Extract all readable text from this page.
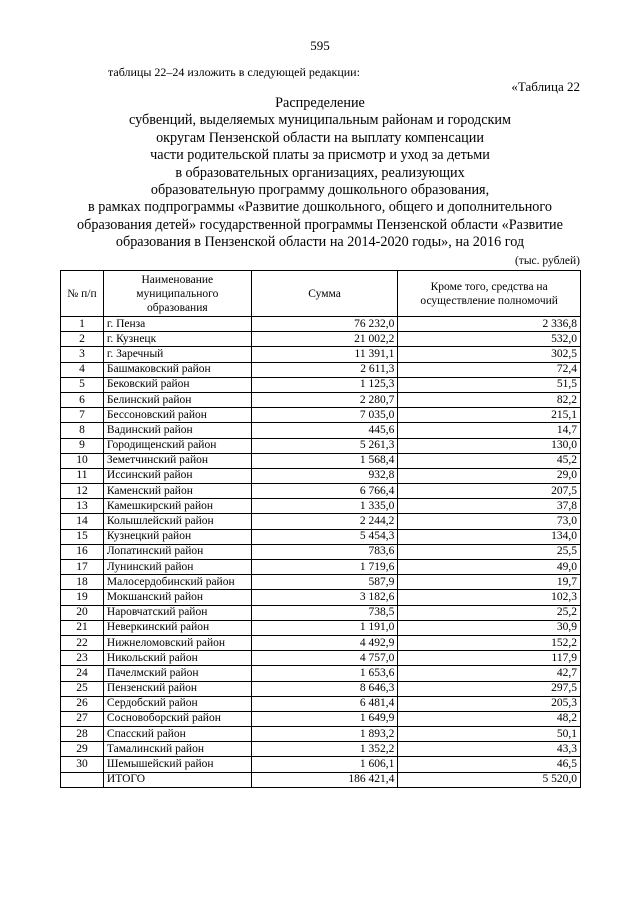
595
таблицы 22–24 изложить в следующей редакции:
«Таблица 22
Распределение
субвенций, выделяемых муниципальным районам и городским
округам Пензенской области на выплату компенсации
части родительской платы за присмотр и уход за детьми
в образовательных организациях, реализующих
образовательную программу дошкольного образования,
в рамках подпрограммы «Развитие дошкольного, общего и дополнительного
образования детей» государственной программы Пензенской области «Развитие
образования в Пензенской области на 2014-2020 годы», на 2016 год
(тыс. рублей)
№ п/п	Наименование муниципального образования	Сумма	Кроме того, средства на осуществление полномочий
1	г. Пенза	76 232,0	2 336,8
2	г. Кузнецк	21 002,2	532,0
3	г. Заречный	11 391,1	302,5
4	Башмаковский район	2 611,3	72,4
5	Бековский район	1 125,3	51,5
6	Белинский район	2 280,7	82,2
7	Бессоновский район	7 035,0	215,1
8	Вадинский район	445,6	14,7
9	Городищенский район	5 261,3	130,0
10	Земетчинский район	1 568,4	45,2
11	Иссинский район	932,8	29,0
12	Каменский район	6 766,4	207,5
13	Камешкирский район	1 335,0	37,8
14	Колышлейский район	2 244,2	73,0
15	Кузнецкий район	5 454,3	134,0
16	Лопатинский район	783,6	25,5
17	Лунинский район	1 719,6	49,0
18	Малосердобинский район	587,9	19,7
19	Мокшанский район	3 182,6	102,3
20	Наровчатский район	738,5	25,2
21	Неверкинский район	1 191,0	30,9
22	Нижнеломовский район	4 492,9	152,2
23	Никольский район	4 757,0	117,9
24	Пачелмский район	1 653,6	42,7
25	Пензенский район	8 646,3	297,5
26	Сердобский район	6 481,4	205,3
27	Сосновоборский район	1 649,9	48,2
28	Спасский район	1 893,2	50,1
29	Тамалинский район	1 352,2	43,3
30	Шемышейский район	1 606,1	46,5
	ИТОГО	186 421,4	5 520,0
